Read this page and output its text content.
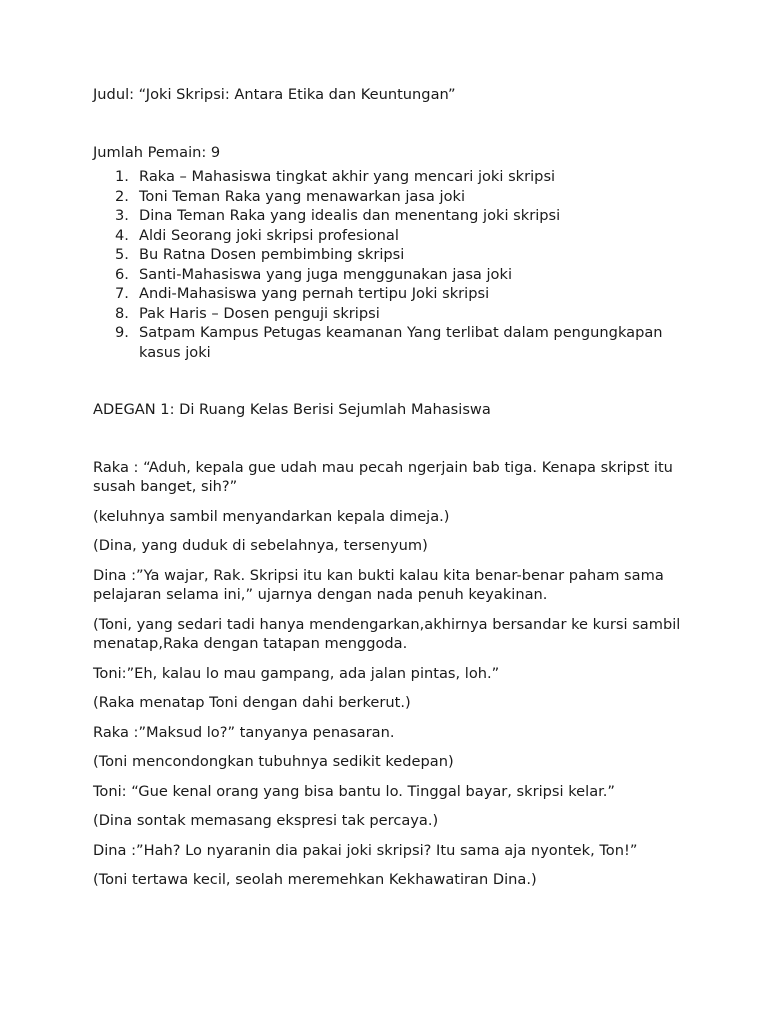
Judul: “Joki Skripsi: Antara Etika dan Keuntungan”

Jumlah Pemain: 9

1. Raka – Mahasiswa tingkat akhir yang mencari joki skripsi
2. Toni Teman Raka yang menawarkan jasa joki
3. Dina Teman Raka yang idealis dan menentang joki skripsi
4. Aldi Seorang joki skripsi profesional
5. Bu Ratna Dosen pembimbing skripsi
6. Santi-Mahasiswa yang juga menggunakan jasa joki
7. Andi-Mahasiswa yang pernah tertipu Joki skripsi
8. Pak Haris – Dosen penguji skripsi
9. Satpam Kampus Petugas keamanan Yang terlibat dalam pengungkapan kasus joki

ADEGAN 1: Di Ruang Kelas Berisi Sejumlah Mahasiswa

Raka : “Aduh, kepala gue udah mau pecah ngerjain bab tiga. Kenapa skripst itu susah banget, sih?”

(keluhnya sambil menyandarkan kepala dimeja.)

(Dina, yang duduk di sebelahnya, tersenyum)

Dina :”Ya wajar, Rak. Skripsi itu kan bukti kalau kita benar-benar paham sama pelajaran selama ini,” ujarnya dengan nada penuh keyakinan.

(Toni, yang sedari tadi hanya mendengarkan,akhirnya bersandar ke kursi sambil menatap,Raka dengan tatapan menggoda.

Toni:”Eh, kalau lo mau gampang, ada jalan pintas, loh.”

(Raka menatap Toni dengan dahi berkerut.)

Raka :”Maksud lo?” tanyanya penasaran.

(Toni mencondongkan tubuhnya sedikit kedepan)

Toni: “Gue kenal orang yang bisa bantu lo. Tinggal bayar, skripsi kelar.”

(Dina sontak memasang ekspresi tak percaya.)

Dina :”Hah? Lo nyaranin dia pakai joki skripsi? Itu sama aja nyontek, Ton!”

(Toni tertawa kecil, seolah meremehkan Kekhawatiran Dina.)
